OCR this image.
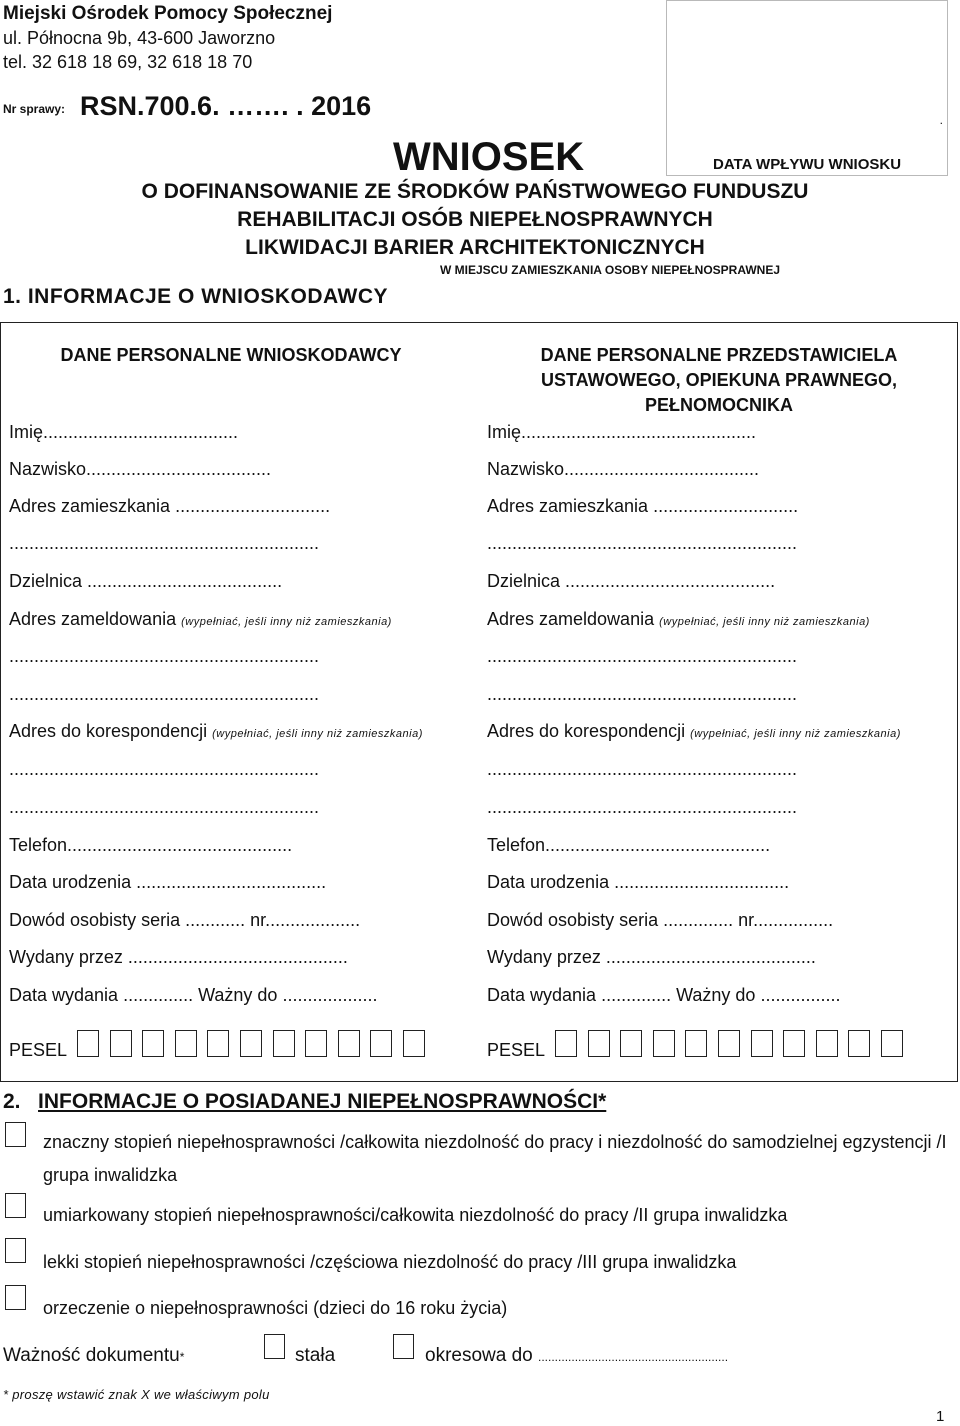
Miejski Ośrodek Pomocy Społecznej
ul. Północna 9b, 43-600 Jaworzno
tel. 32 618 18 69, 32 618 18 70
Nr sprawy: RSN.700.6. ……. . 2016	.
DATA WPŁYWU WNIOSKU
WNIOSEK
O DOFINANSOWANIE ZE ŚRODKÓW PAŃSTWOWEGO FUNDUSZU
REHABILITACJI OSÓB NIEPEŁNOSPRAWNYCH
LIKWIDACJI BARIER ARCHITEKTONICZNYCH
W MIEJSCU ZAMIESZKANIA OSOBY NIEPEŁNOSPRAWNEJ
1. INFORMACJE O WNIOSKODAWCY
DANE PERSONALNE WNIOSKODAWCY
Imię.......................................
Nazwisko.....................................
Adres zamieszkania ...............................
..............................................................
Dzielnica .......................................
Adres zameldowania (wypełniać, jeśli inny niż zamieszkania)
..............................................................
..............................................................
Adres do korespondencji (wypełniać, jeśli inny niż zamieszkania)
..............................................................
..............................................................
Telefon.............................................
Data urodzenia ......................................
Dowód osobisty seria ............ nr...................
Wydany przez ............................................
Data wydania .............. Ważny do ...................
PESEL
DANE PERSONALNE PRZEDSTAWICIELA
USTAWOWEGO, OPIEKUNA PRAWNEGO,
PEŁNOMOCNIKA
Imię...............................................
Nazwisko.......................................
Adres zamieszkania .............................
..............................................................
Dzielnica ..........................................
Adres zameldowania (wypełniać, jeśli inny niż zamieszkania)
..............................................................
..............................................................
Adres do korespondencji (wypełniać, jeśli inny niż zamieszkania)
..............................................................
..............................................................
Telefon.............................................
Data urodzenia ...................................
Dowód osobisty seria .............. nr................
Wydany przez ..........................................
Data wydania .............. Ważny do ................
PESEL
2. INFORMACJE O POSIADANEJ NIEPEŁNOSPRAWNOŚCI*
znaczny stopień niepełnosprawności /całkowita niezdolność do pracy i niezdolność do samodzielnej egzystencji /I grupa inwalidzka
umiarkowany stopień niepełnosprawności/całkowita niezdolność do pracy /II grupa inwalidzka
lekki stopień niepełnosprawności /częściowa niezdolność do pracy /III grupa inwalidzka
orzeczenie o niepełnosprawności (dzieci do 16 roku życia)
Ważność dokumentu*	stała	okresowa do .........................................................
* proszę wstawić znak X we właściwym polu
1
